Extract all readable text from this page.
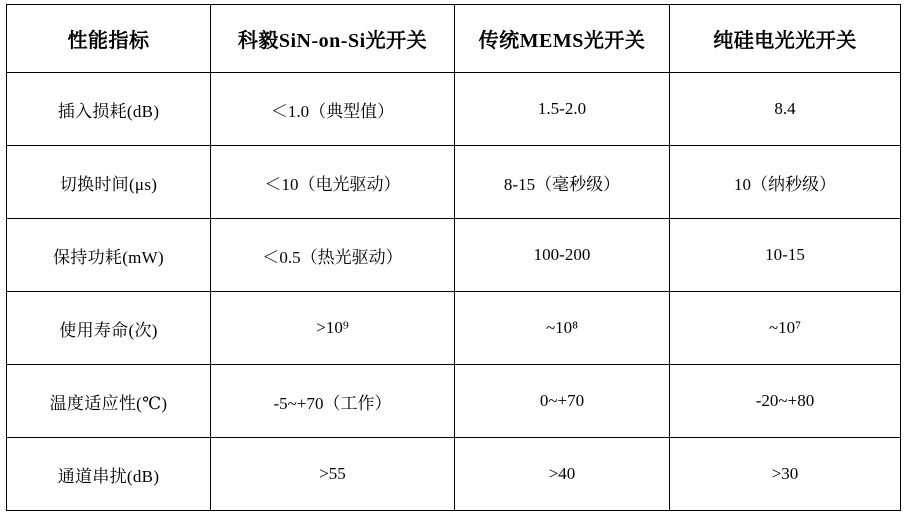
性能指标	科毅SiN-on-Si光开关	传统MEMS光开关	纯硅电光光开关
插入损耗(dB)	＜1.0（典型值）	1.5-2.0	8.4
切换时间(μs)	＜10（电光驱动）	8-15（毫秒级）	10（纳秒级）
保持功耗(mW)	＜0.5（热光驱动）	100-200	10-15
使用寿命(次)	>10⁹	~10⁸	~10⁷
温度适应性(℃)	-5~+70（工作）	0~+70	-20~+80
通道串扰(dB)	>55	>40	>30
